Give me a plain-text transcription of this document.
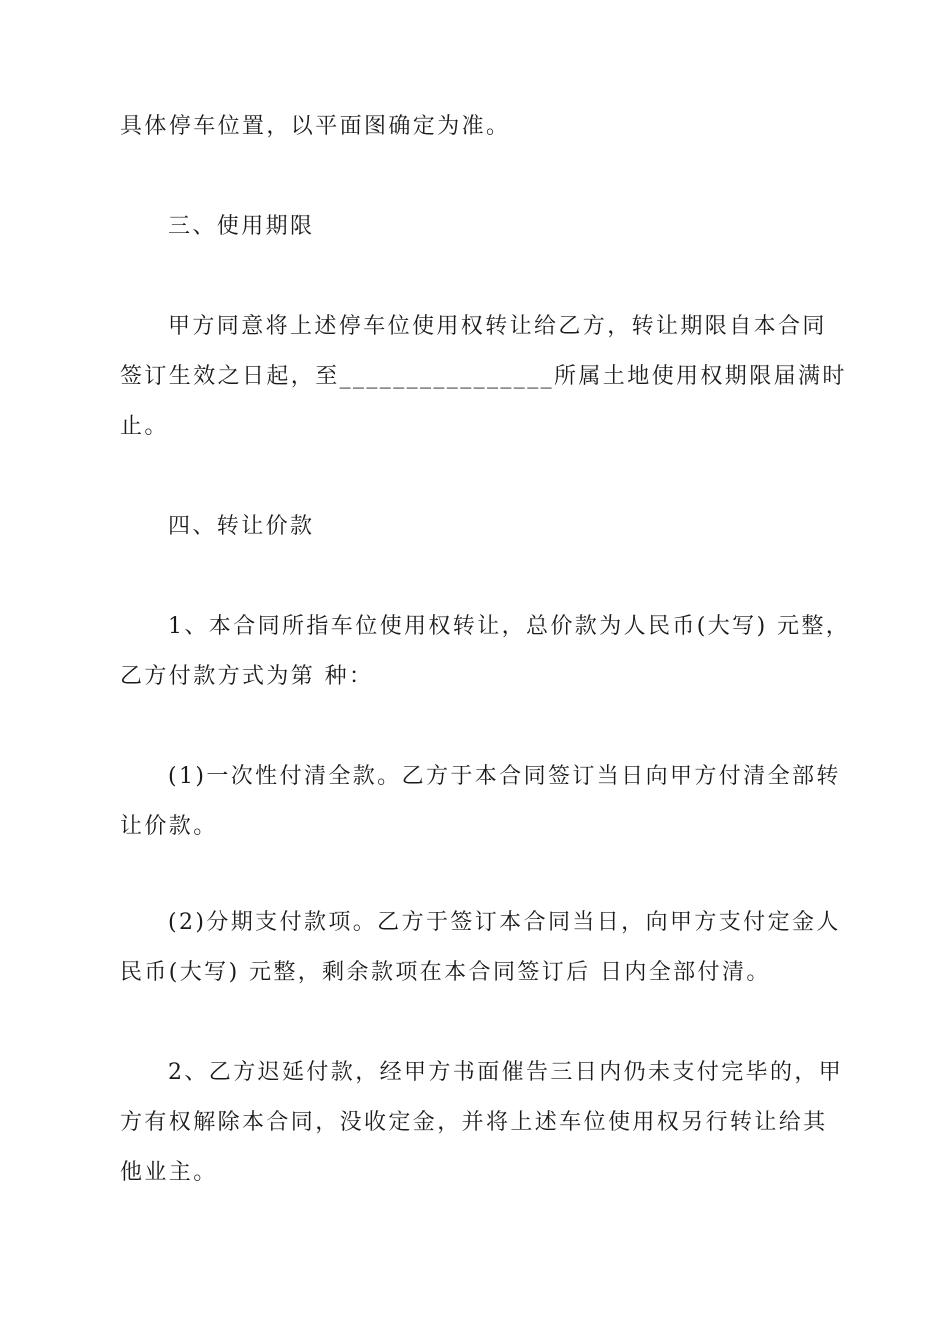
具体停车位置，以平面图确定为准。
三、使用期限
甲方同意将上述停车位使用权转让给乙方，转让期限自本合同
签订生效之日起，至________________所属土地使用权期限届满时
止。
四、转让价款
1、本合同所指车位使用权转让，总价款为人民币(大写) 元整，
乙方付款方式为第 种：
(1)一次性付清全款。乙方于本合同签订当日向甲方付清全部转
让价款。
(2)分期支付款项。乙方于签订本合同当日，向甲方支付定金人
民币(大写) 元整，剩余款项在本合同签订后 日内全部付清。
2、乙方迟延付款，经甲方书面催告三日内仍未支付完毕的，甲
方有权解除本合同，没收定金，并将上述车位使用权另行转让给其
他业主。
